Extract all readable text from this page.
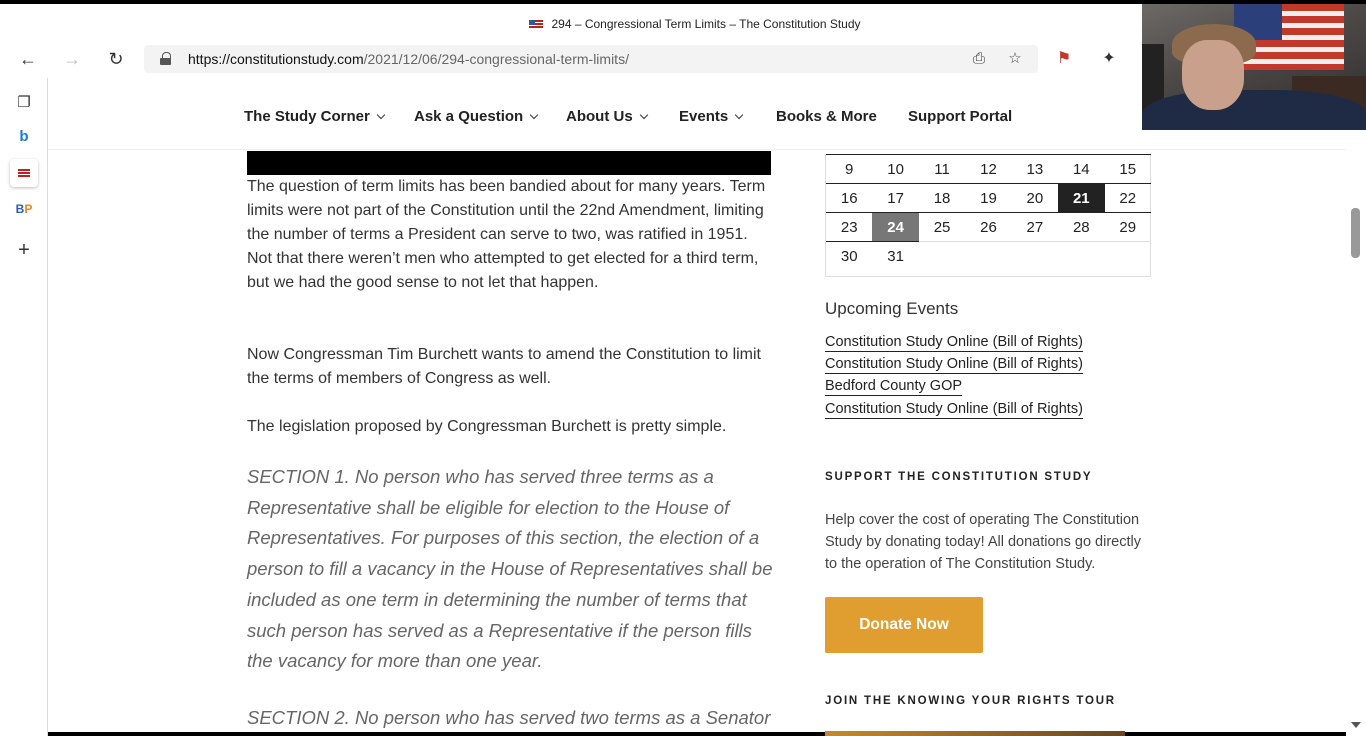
294 – Congressional Term Limits – The Constitution Study
← →	↻	https://constitutionstudy.com/2021/12/06/294-congressional-term-limits/	⎙ ☆ ⚑ ✦
❐
b
BP
+
The Study Corner	Ask a Question	About Us	Events	Books & More Support Portal

The question of term limits has been bandied about for many years. Term limits were not part of the Constitution until the 22nd Amendment, limiting the number of terms a President can serve to two, was ratified in 1951. Not that there weren’t men who attempted to get elected for a third term, but we had the good sense to not let that happen.

Now Congressman Tim Burchett wants to amend the Constitution to limit the terms of members of Congress as well.

The legislation proposed by Congressman Burchett is pretty simple.

SECTION 1. No person who has served three terms as a Representative shall be eligible for election to the House of Representatives. For purposes of this section, the election of a person to fill a vacancy in the House of Representatives shall be included as one term in determining the number of terms that such person has served as a Representative if the person fills the vacancy for more than one year.

SECTION 2. No person who has served two terms as a Senator

9	10	11	12	13	14	15
16	17	18	19	20	21	22
23	24	25	26	27	28	29
30	31					
Upcoming Events
Constitution Study Online (Bill of Rights)
Constitution Study Online (Bill of Rights)
Bedford County GOP
Constitution Study Online (Bill of Rights)
SUPPORT THE CONSTITUTION STUDY

Help cover the cost of operating The Constitution Study by donating today! All donations go directly to the operation of The Constitution Study.

Donate Now
JOIN THE KNOWING YOUR RIGHTS TOUR
